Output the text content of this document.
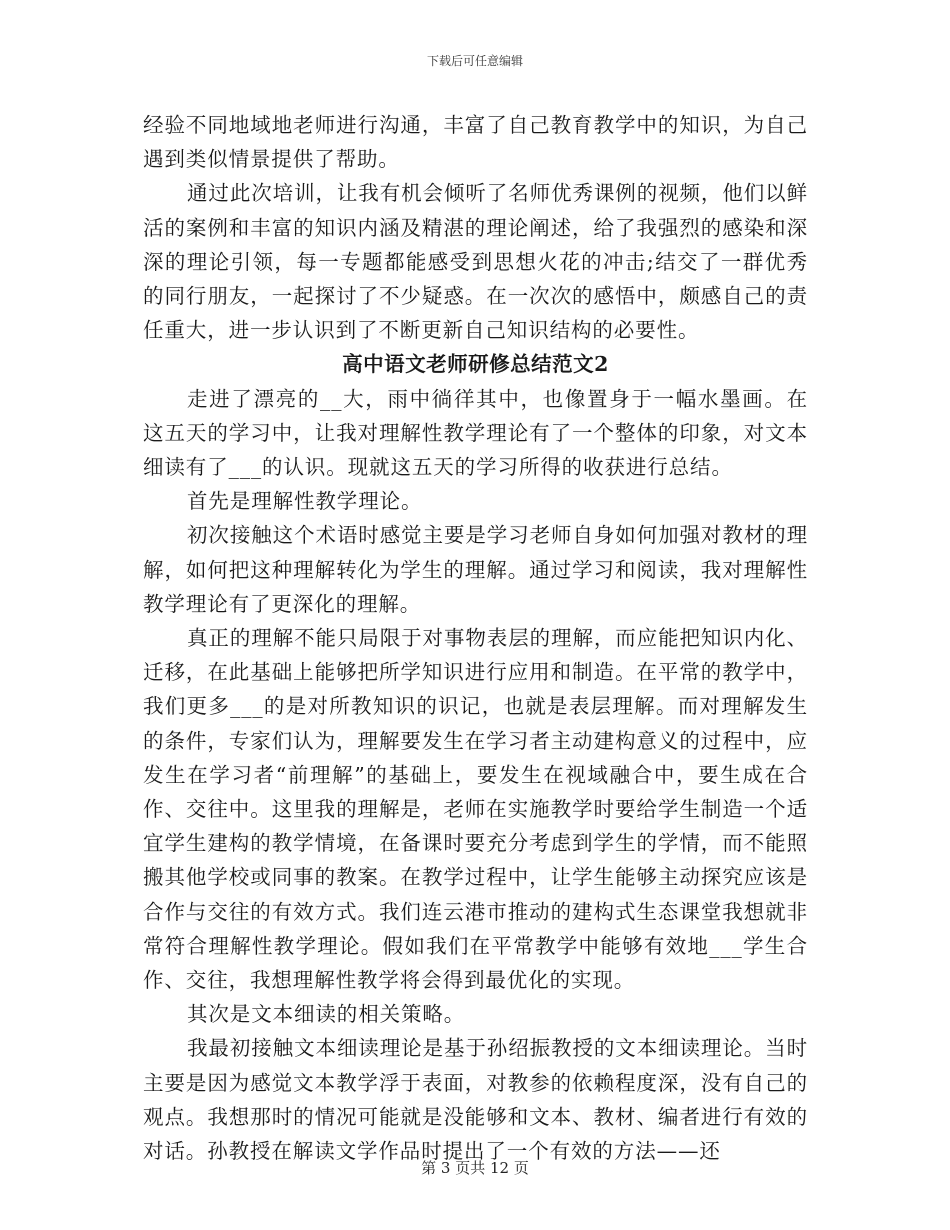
下载后可任意编辑

经验不同地域地老师进行沟通，丰富了自己教育教学中的知识，为自己遇到类似情景提供了帮助。

通过此次培训，让我有机会倾听了名师优秀课例的视频，他们以鲜活的案例和丰富的知识内涵及精湛的理论阐述，给了我强烈的感染和深深的理论引领，每一专题都能感受到思想火花的冲击;结交了一群优秀的同行朋友，一起探讨了不少疑惑。在一次次的感悟中，颇感自己的责任重大，进一步认识到了不断更新自己知识结构的必要性。

高中语文老师研修总结范文2

走进了漂亮的__大，雨中徜徉其中，也像置身于一幅水墨画。在这五天的学习中，让我对理解性教学理论有了一个整体的印象，对文本细读有了___的认识。现就这五天的学习所得的收获进行总结。

首先是理解性教学理论。

初次接触这个术语时感觉主要是学习老师自身如何加强对教材的理解，如何把这种理解转化为学生的理解。通过学习和阅读，我对理解性教学理论有了更深化的理解。

真正的理解不能只局限于对事物表层的理解，而应能把知识内化、迁移，在此基础上能够把所学知识进行应用和制造。在平常的教学中，我们更多___的是对所教知识的识记，也就是表层理解。而对理解发生的条件，专家们认为，理解要发生在学习者主动建构意义的过程中，应发生在学习者“前理解”的基础上，要发生在视域融合中，要生成在合作、交往中。这里我的理解是，老师在实施教学时要给学生制造一个适宜学生建构的教学情境，在备课时要充分考虑到学生的学情，而不能照搬其他学校或同事的教案。在教学过程中，让学生能够主动探究应该是合作与交往的有效方式。我们连云港市推动的建构式生态课堂我想就非常符合理解性教学理论。假如我们在平常教学中能够有效地___学生合作、交往，我想理解性教学将会得到最优化的实现。

其次是文本细读的相关策略。

我最初接触文本细读理论是基于孙绍振教授的文本细读理论。当时主要是因为感觉文本教学浮于表面，对教参的依赖程度深，没有自己的观点。我想那时的情况可能就是没能够和文本、教材、编者进行有效的对话。孙教授在解读文学作品时提出了一个有效的方法——还

第 3 页共 12 页
